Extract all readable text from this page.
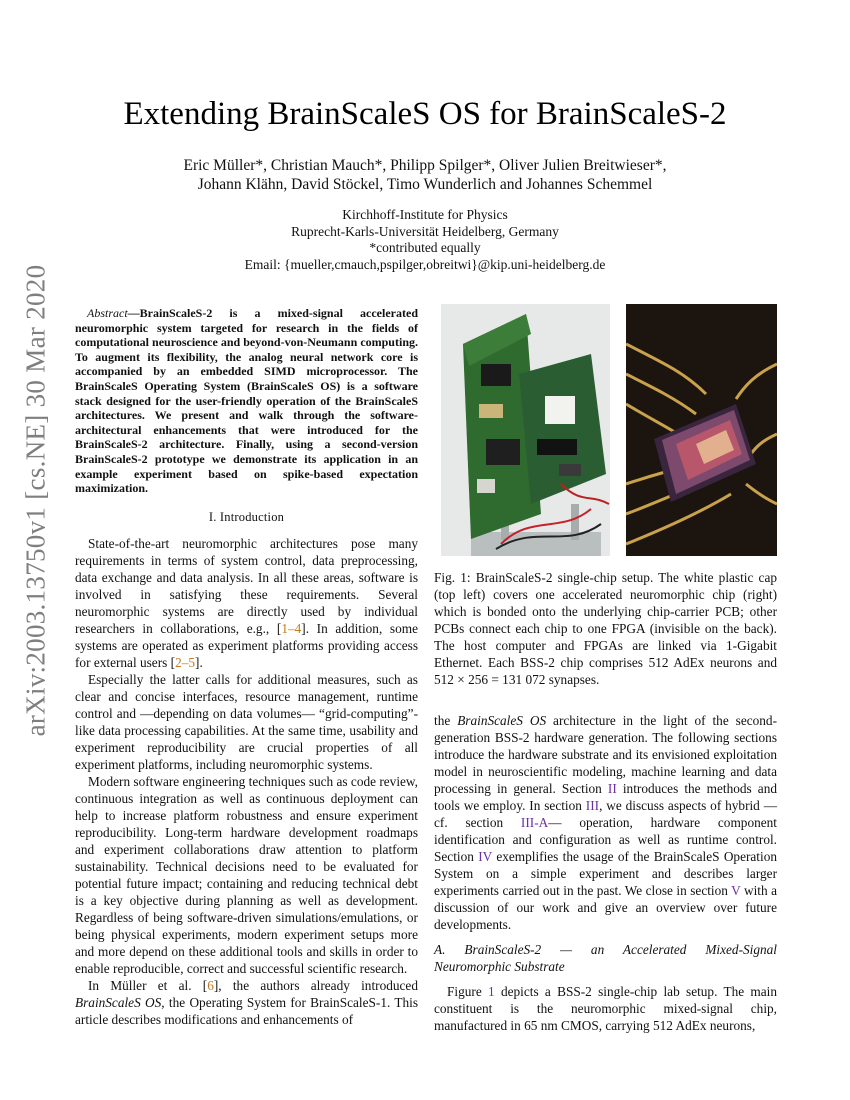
arXiv:2003.13750v1 [cs.NE] 30 Mar 2020
Extending BrainScaleS OS for BrainScaleS-2
Eric Müller*, Christian Mauch*, Philipp Spilger*, Oliver Julien Breitwieser*,
Johann Klähn, David Stöckel, Timo Wunderlich and Johannes Schemmel
Kirchhoff-Institute for Physics
Ruprecht-Karls-Universität Heidelberg, Germany
*contributed equally
Email: {mueller,cmauch,pspilger,obreitwi}@kip.uni-heidelberg.de

Abstract—BrainScaleS-2 is a mixed-signal accelerated neuromorphic system targeted for research in the fields of computational neuroscience and beyond-von-Neumann computing. To augment its flexibility, the analog neural network core is accompanied by an embedded SIMD microprocessor. The BrainScaleS Operating System (BrainScaleS OS) is a software stack designed for the user-friendly operation of the BrainScaleS architectures. We present and walk through the software-architectural enhancements that were introduced for the BrainScaleS-2 architecture. Finally, using a second-version BrainScaleS-2 prototype we demonstrate its application in an example experiment based on spike-based expectation maximization.

I. Introduction

State-of-the-art neuromorphic architectures pose many requirements in terms of system control, data preprocessing, data exchange and data analysis. In all these areas, software is involved in satisfying these requirements. Several neuromorphic systems are directly used by individual researchers in collaborations, e.g., [1–4]. In addition, some systems are operated as experiment platforms providing access for external users [2–5].

Especially the latter calls for additional measures, such as clear and concise interfaces, resource management, runtime control and —depending on data volumes— “grid-computing”-like data processing capabilities. At the same time, usability and experiment reproducibility are crucial properties of all experiment platforms, including neuromorphic systems.

Modern software engineering techniques such as code review, continuous integration as well as continuous deployment can help to increase platform robustness and ensure experiment reproducibility. Long-term hardware development roadmaps and experiment collaborations draw attention to platform sustainability. Technical decisions need to be evaluated for potential future impact; containing and reducing technical debt is a key objective during planning as well as development. Regardless of being software-driven simulations/emulations, or being physical experiments, modern experiment setups more and more depend on these additional tools and skills in order to enable reproducible, correct and successful scientific research.

In Müller et al. [6], the authors already introduced BrainScaleS OS, the Operating System for BrainScaleS-1. This article describes modifications and enhancements of

Fig. 1: BrainScaleS-2 single-chip setup. The white plastic cap (top left) covers one accelerated neuromorphic chip (right) which is bonded onto the underlying chip-carrier PCB; other PCBs connect each chip to one FPGA (invisible on the back). The host computer and FPGAs are linked via 1-Gigabit Ethernet. Each BSS-2 chip comprises 512 AdEx neurons and 512 × 256 = 131 072 synapses.

the BrainScaleS OS architecture in the light of the second-generation BSS-2 hardware generation. The following sections introduce the hardware substrate and its envisioned exploitation model in neuroscientific modeling, machine learning and data processing in general. Section II introduces the methods and tools we employ. In section III, we discuss aspects of hybrid —cf. section III-A— operation, hardware component identification and configuration as well as runtime control. Section IV exemplifies the usage of the BrainScaleS Operation System on a simple experiment and describes larger experiments carried out in the past. We close in section V with a discussion of our work and give an overview over future developments.

A. BrainScaleS-2 — an Accelerated Mixed-Signal Neuromorphic Substrate

Figure 1 depicts a BSS-2 single-chip lab setup. The main constituent is the neuromorphic mixed-signal chip, manufactured in 65 nm CMOS, carrying 512 AdEx neurons,
